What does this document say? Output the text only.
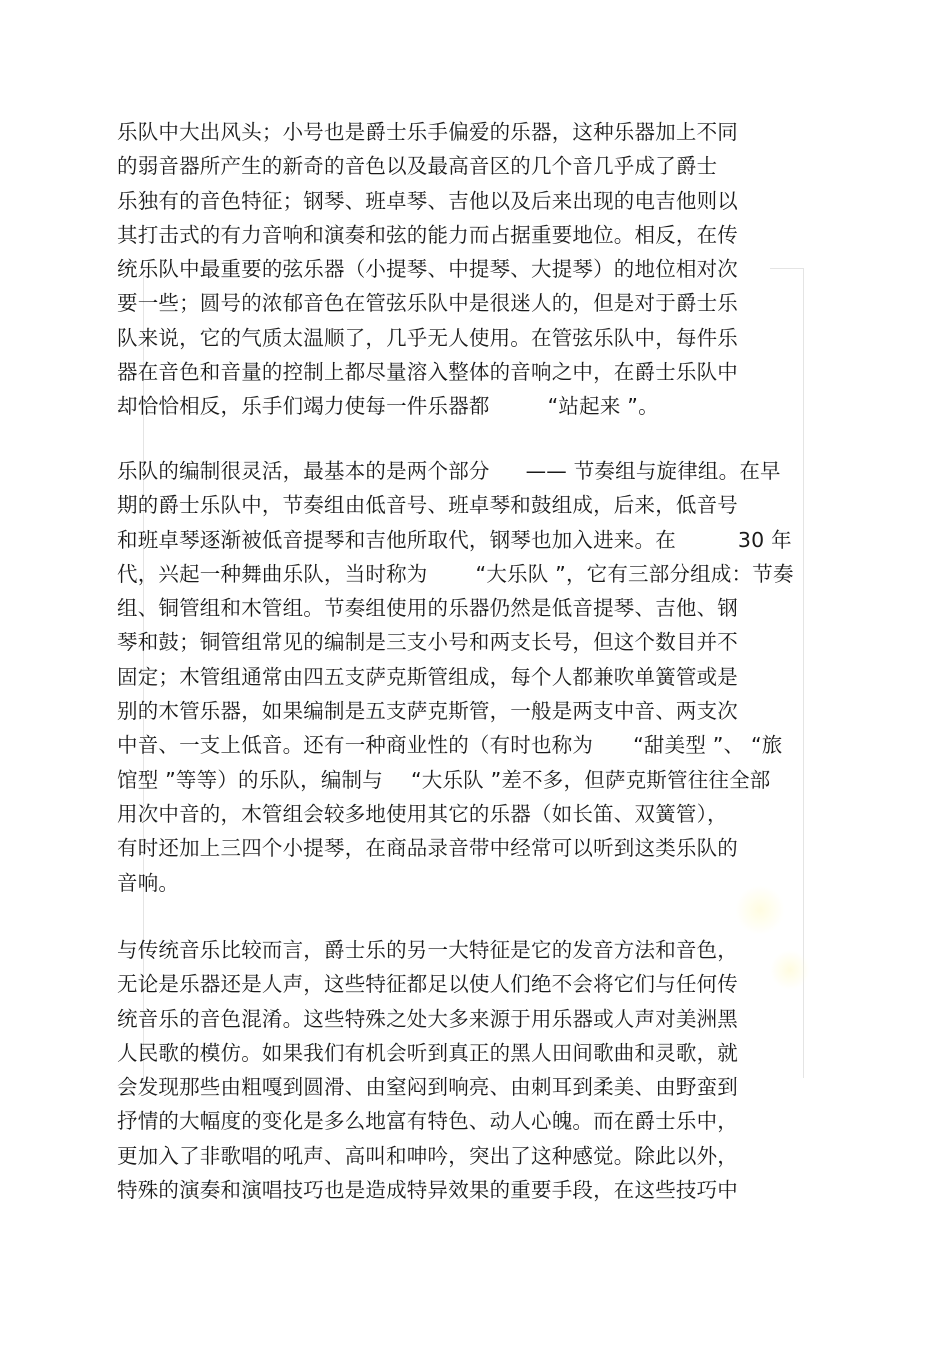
乐队中大出风头；小号也是爵士乐手偏爱的乐器，这种乐器加上不同
的弱音器所产生的新奇的音色以及最高音区的几个音几乎成了爵士
乐独有的音色特征；钢琴、班卓琴、吉他以及后来出现的电吉他则以
其打击式的有力音响和演奏和弦的能力而占据重要地位。相反，在传
统乐队中最重要的弦乐器（小提琴、中提琴、大提琴）的地位相对次
要一些；圆号的浓郁音色在管弦乐队中是很迷人的，但是对于爵士乐
队来说，它的气质太温顺了，几乎无人使用。在管弦乐队中，每件乐
器在音色和音量的控制上都尽量溶入整体的音响之中，在爵士乐队中
却恰恰相反，乐手们竭力使每一件乐器都	“站起来 ”。
乐队的编制很灵活，最基本的是两个部分 —— 节奏组与旋律组。在早
期的爵士乐队中，节奏组由低音号、班卓琴和鼓组成，后来，低音号
和班卓琴逐渐被低音提琴和吉他所取代，钢琴也加入进来。在	30 年
代，兴起一种舞曲乐队，当时称为 “大乐队 ”，它有三部分组成：节奏
组、铜管组和木管组。节奏组使用的乐器仍然是低音提琴、吉他、钢
琴和鼓；铜管组常见的编制是三支小号和两支长号，但这个数目并不
固定；木管组通常由四五支萨克斯管组成，每个人都兼吹单簧管或是
别的木管乐器，如果编制是五支萨克斯管，一般是两支中音、两支次
中音、一支上低音。还有一种商业性的（有时也称为 “甜美型 ”、 “旅
馆型 ”等等）的乐队，编制与 “大乐队 ”差不多，但萨克斯管往往全部
用次中音的，木管组会较多地使用其它的乐器（如长笛、双簧管），
有时还加上三四个小提琴，在商品录音带中经常可以听到这类乐队的
音响。
与传统音乐比较而言，爵士乐的另一大特征是它的发音方法和音色，
无论是乐器还是人声，这些特征都足以使人们绝不会将它们与任何传
统音乐的音色混淆。这些特殊之处大多来源于用乐器或人声对美洲黑
人民歌的模仿。如果我们有机会听到真正的黑人田间歌曲和灵歌，就
会发现那些由粗嘎到圆滑、由窒闷到响亮、由刺耳到柔美、由野蛮到
抒情的大幅度的变化是多么地富有特色、动人心魄。而在爵士乐中，
更加入了非歌唱的吼声、高叫和呻吟，突出了这种感觉。除此以外，
特殊的演奏和演唱技巧也是造成特异效果的重要手段，在这些技巧中
